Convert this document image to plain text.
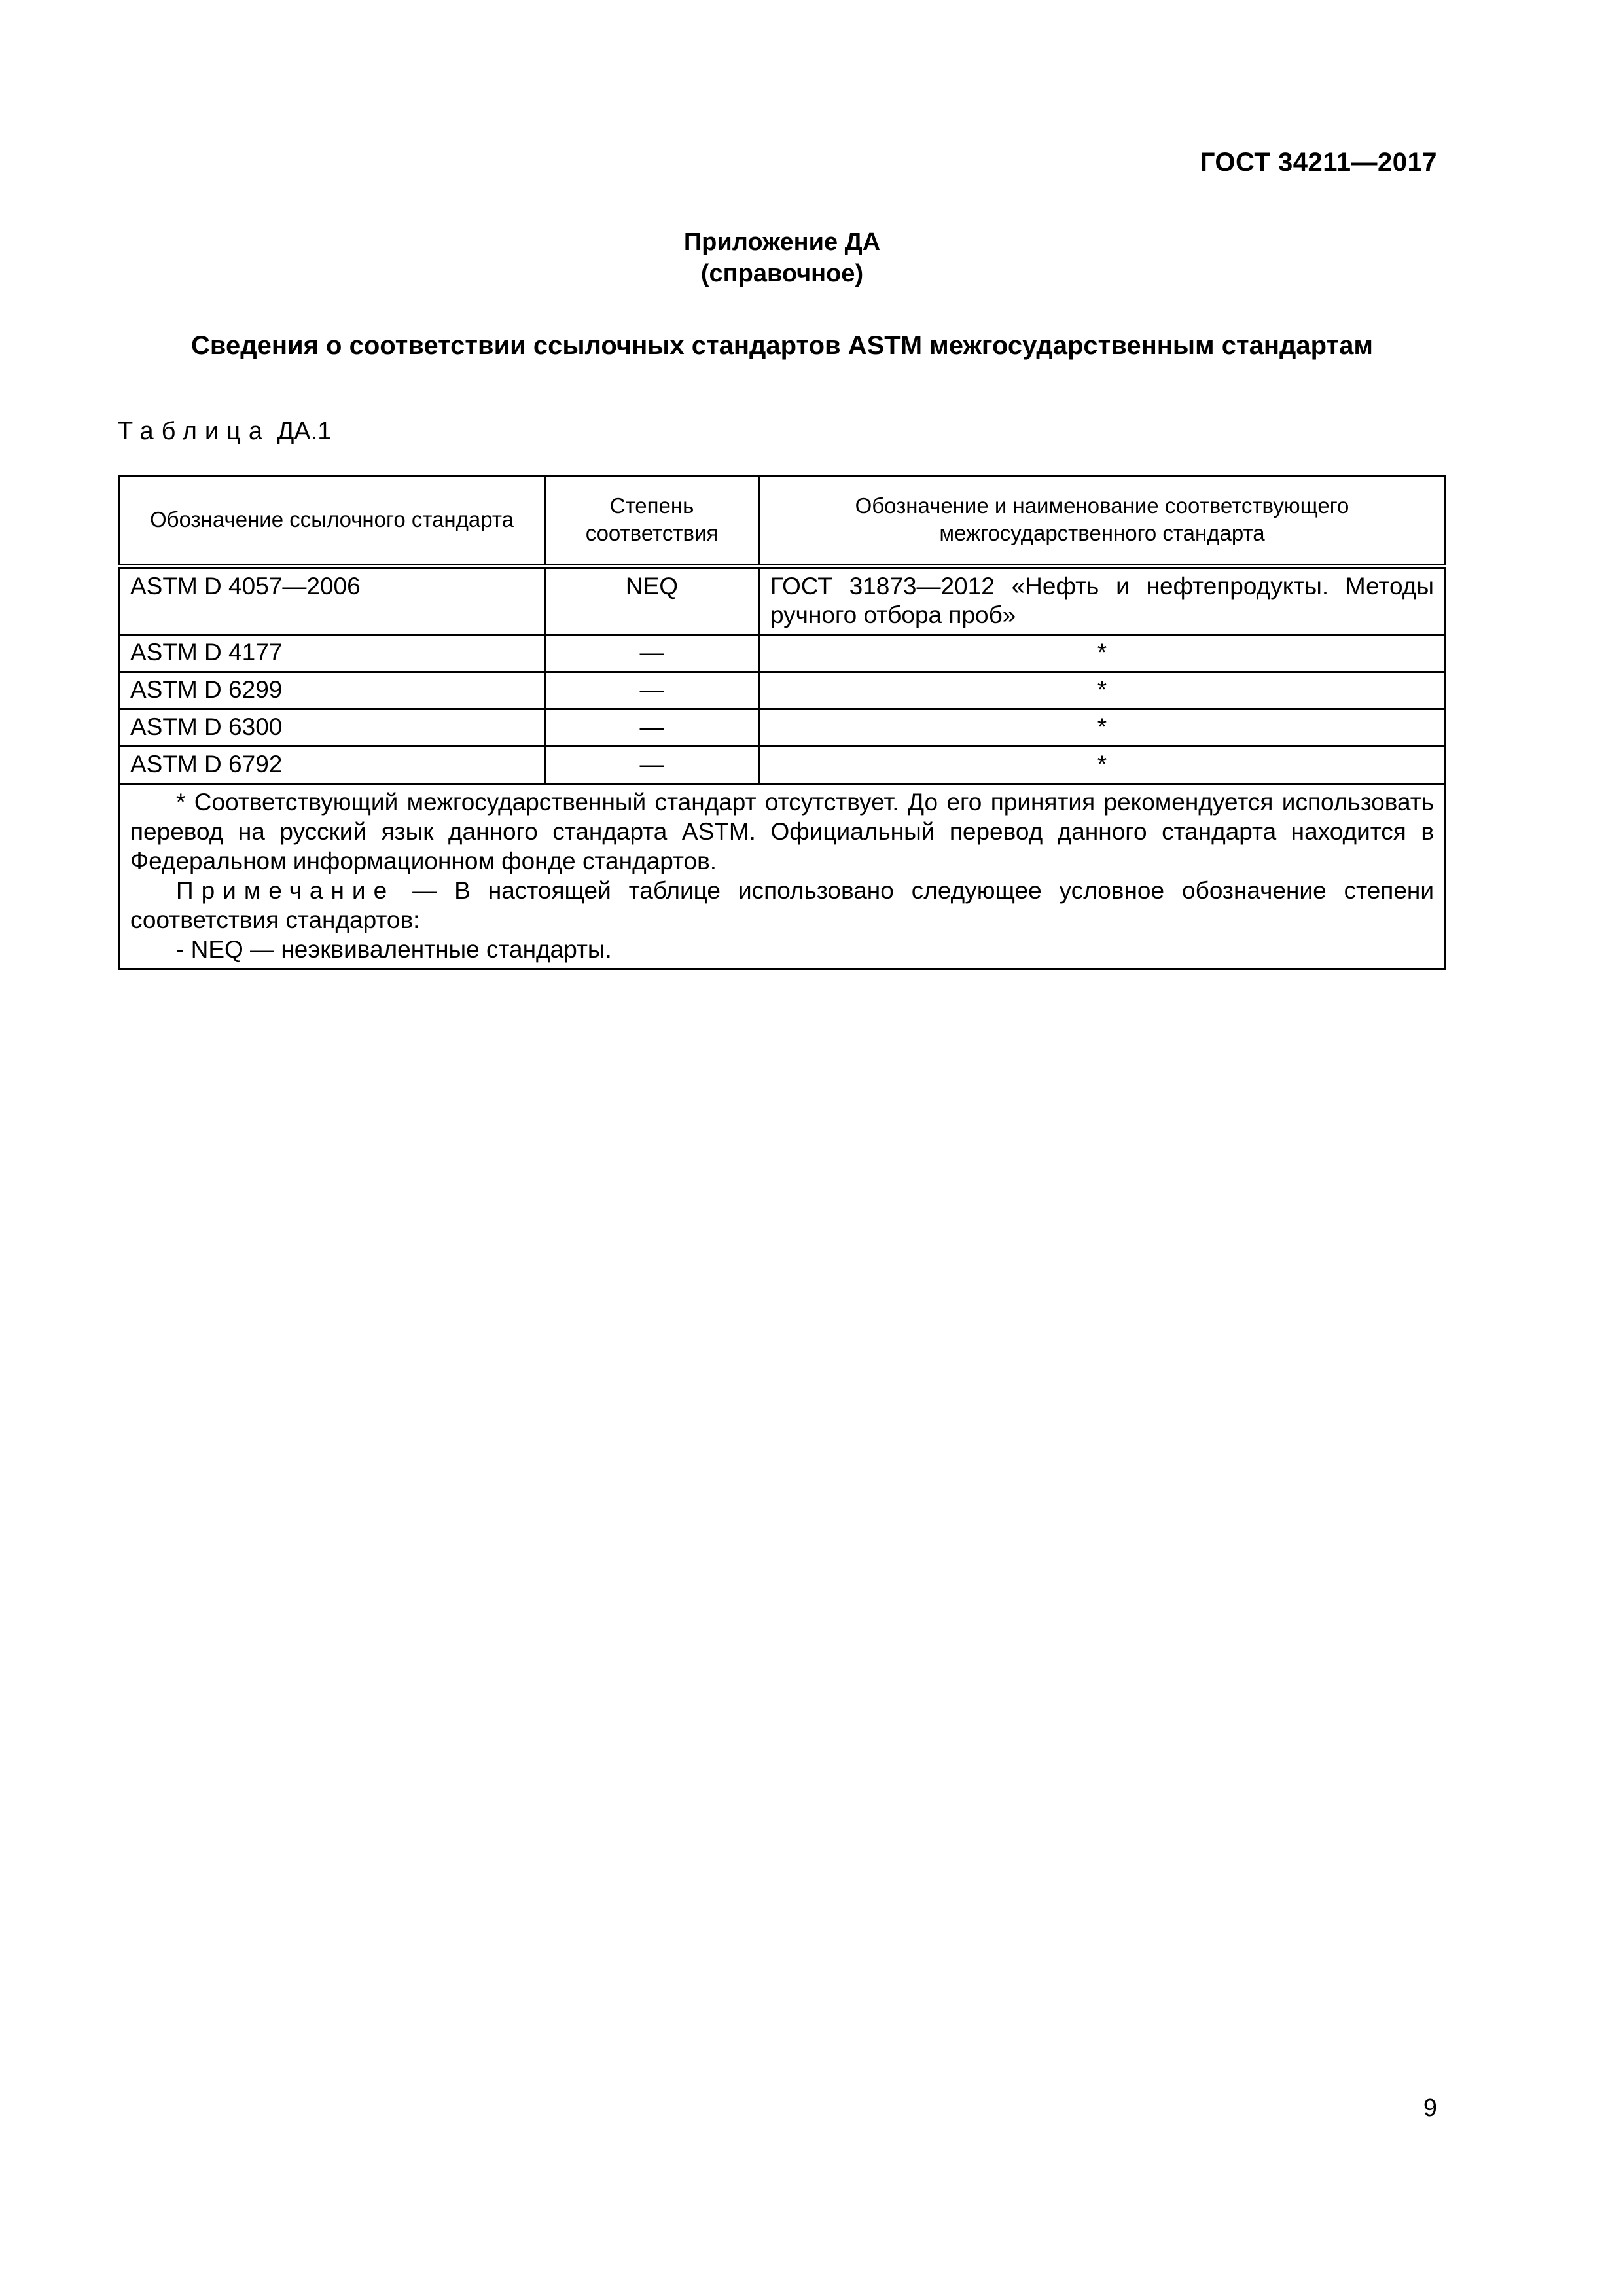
ГОСТ 34211—2017
Приложение ДА
(справочное)
Сведения о соответствии ссылочных стандартов ASTM межгосударственным стандартам
Таблица ДА.1
Обозначение ссылочного стандарта	Степень соответствия	Обозначение и наименование соответствующего межгосударственного стандарта
ASTM D 4057—2006	NEQ	ГОСТ 31873—2012 «Нефть и нефтепродукты. Методы ручного отбора проб»
ASTM D 4177	—	*
ASTM D 6299	—	*
ASTM D 6300	—	*
ASTM D 6792	—	*

* Соответствующий межгосударственный стандарт отсутствует. До его принятия рекомендуется использовать перевод на русский язык данного стандарта ASTM. Официальный перевод данного стандарта находится в Федеральном информационном фонде стандартов.

Примечание — В настоящей таблице использовано следующее условное обозначение степени соответствия стандартов:

- NEQ — неэквивалентные стандарты.		

9
